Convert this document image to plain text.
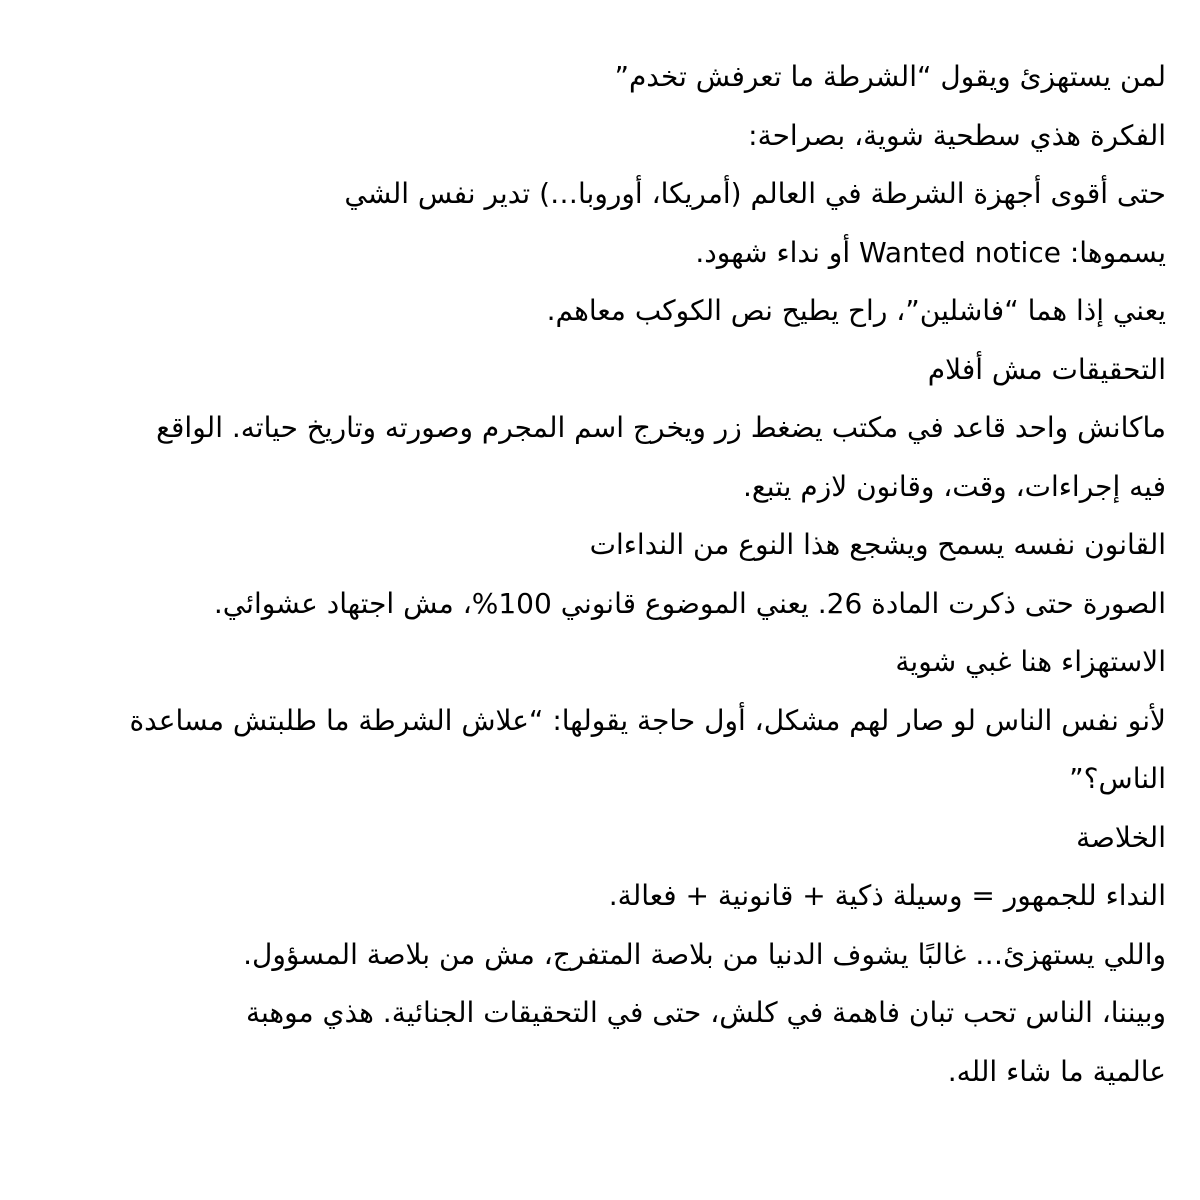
لمن يستهزئ ويقول “الشرطة ما تعرفش تخدم”
الفكرة هذي سطحية شوية، بصراحة:
حتى أقوى أجهزة الشرطة في العالم (أمريكا، أوروبا…) تدير نفس الشي
يسموها: Wanted notice أو نداء شهود.
يعني إذا هما “فاشلين”، راح يطيح نص الكوكب معاهم.
التحقيقات مش أفلام
ماكانش واحد قاعد في مكتب يضغط زر ويخرج اسم المجرم وصورته وتاريخ حياته. الواقع
فيه إجراءات، وقت، وقانون لازم يتبع.
القانون نفسه يسمح ويشجع هذا النوع من النداءات
الصورة حتى ذكرت المادة 26. يعني الموضوع قانوني 100%، مش اجتهاد عشوائي.
الاستهزاء هنا غبي شوية
لأنو نفس الناس لو صار لهم مشكل، أول حاجة يقولها: “علاش الشرطة ما طلبتش مساعدة
الناس؟”
الخلاصة
النداء للجمهور = وسيلة ذكية + قانونية + فعالة.
واللي يستهزئ… غالبًا يشوف الدنيا من بلاصة المتفرج، مش من بلاصة المسؤول.
وبيننا، الناس تحب تبان فاهمة في كلش، حتى في التحقيقات الجنائية. هذي موهبة
عالمية ما شاء الله.
